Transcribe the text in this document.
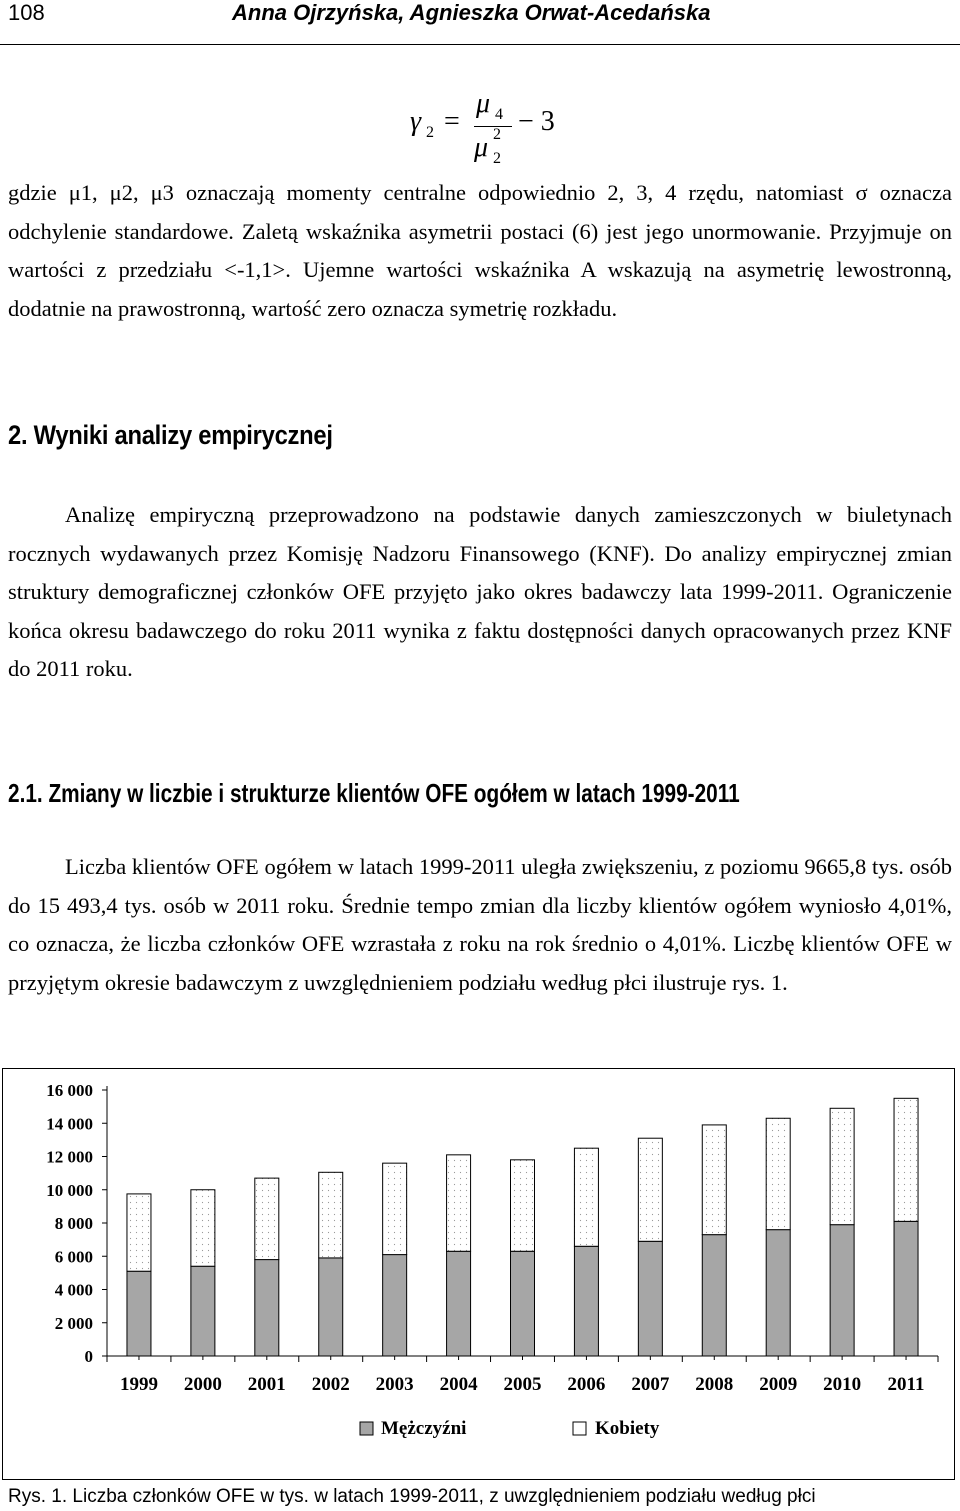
108	Anna Ojrzyńska, Agnieszka Orwat-Acedańska
γ 2 =
μ 4
μ 2
2
− 3

gdzie μ1, μ2, μ3 oznaczają momenty centralne odpowiednio 2, 3, 4 rzędu, natomiast σ oznacza odchylenie standardowe. Zaletą wskaźnika asymetrii postaci (6) jest jego unormowanie. Przyjmuje on wartości z przedziału <-1,1>. Ujemne wartości wskaźnika A wskazują na asymetrię lewostronną, dodatnie na prawostronną, wartość zero oznacza symetrię rozkładu.

2. Wyniki analizy empirycznej

Analizę empiryczną przeprowadzono na podstawie danych zamieszczonych w biuletynach rocznych wydawanych przez Komisję Nadzoru Finansowego (KNF). Do analizy empirycznej zmian struktury demograficznej członków OFE przyjęto jako okres badawczy lata 1999-2011. Ograniczenie końca okresu badawczego do roku 2011 wynika z faktu dostępności danych opracowanych przez KNF do 2011 roku.

2.1. Zmiany w liczbie i strukturze klientów OFE ogółem w latach 1999-2011

Liczba klientów OFE ogółem w latach 1999-2011 uległa zwiększeniu, z poziomu 9665,8 tys. osób do 15 493,4 tys. osób w 2011 roku. Średnie tempo zmian dla liczby klientów ogółem wyniosło 4,01%, co oznacza, że liczba członków OFE wzrastała z roku na rok średnio o 4,01%. Liczbę klientów OFE w przyjętym okresie badawczym z uwzględnieniem podziału według płci ilustruje rys. 1.

16 000
14 000
12 000
10 000
8 000
6 000
4 000
2 000
0
1999 2000 2001 2002 2003 2004 2005 2006 2007 2008 2009 2010 2011
Mężczyźni	Kobiety
Rys. 1. Liczba członków OFE w tys. w latach 1999-2011, z uwzględnieniem podziału według płci
